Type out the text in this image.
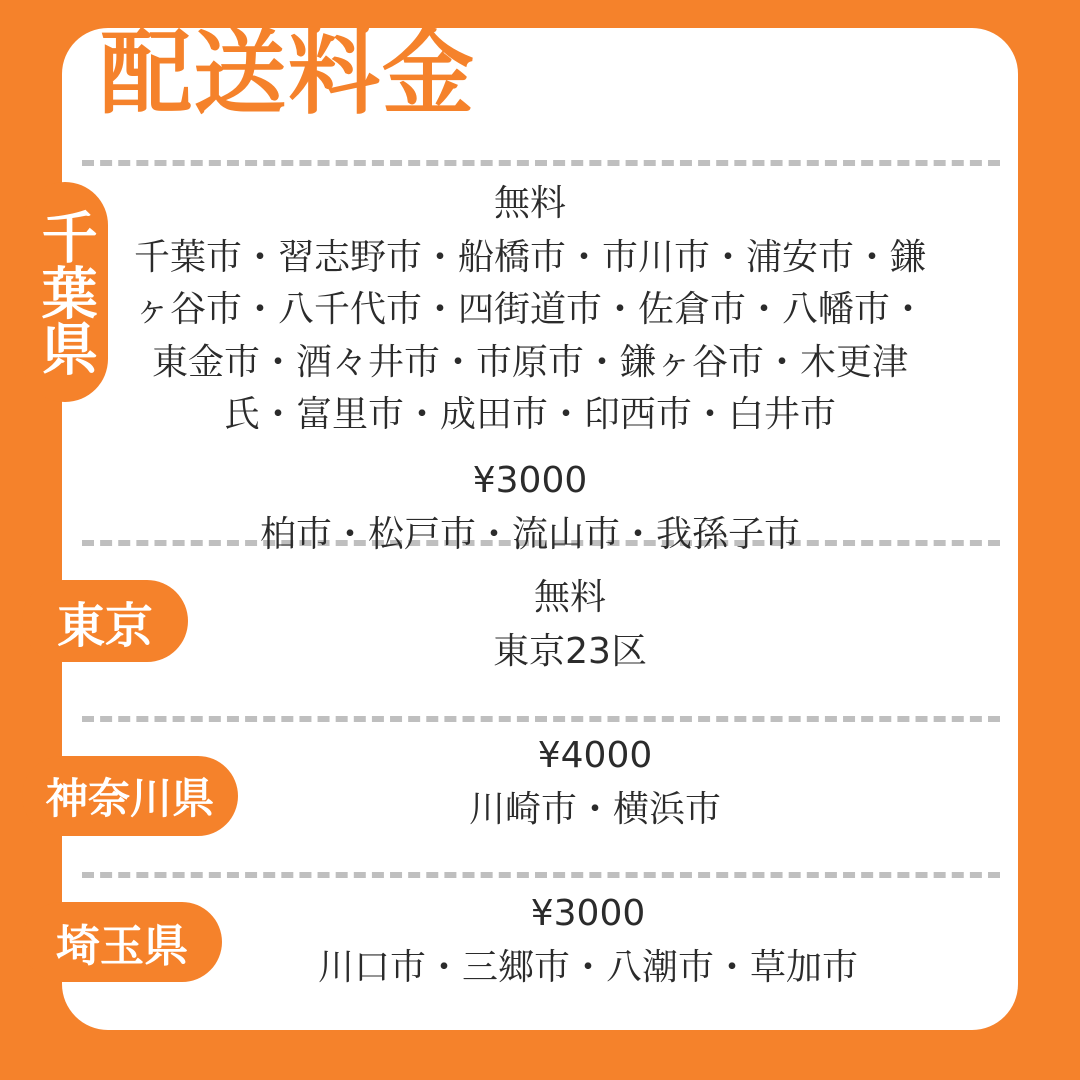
配送料金
千葉県
無料
千葉市・習志野市・船橋市・市川市・浦安市・鎌ヶ谷市・八千代市・四街道市・佐倉市・八幡市・東金市・酒々井市・市原市・鎌ヶ谷市・木更津氏・富里市・成田市・印西市・白井市
¥3000
柏市・松戸市・流山市・我孫子市
東京	無料
東京23区
神奈川県
¥4000
川崎市・横浜市
埼玉県
¥3000
川口市・三郷市・八潮市・草加市
